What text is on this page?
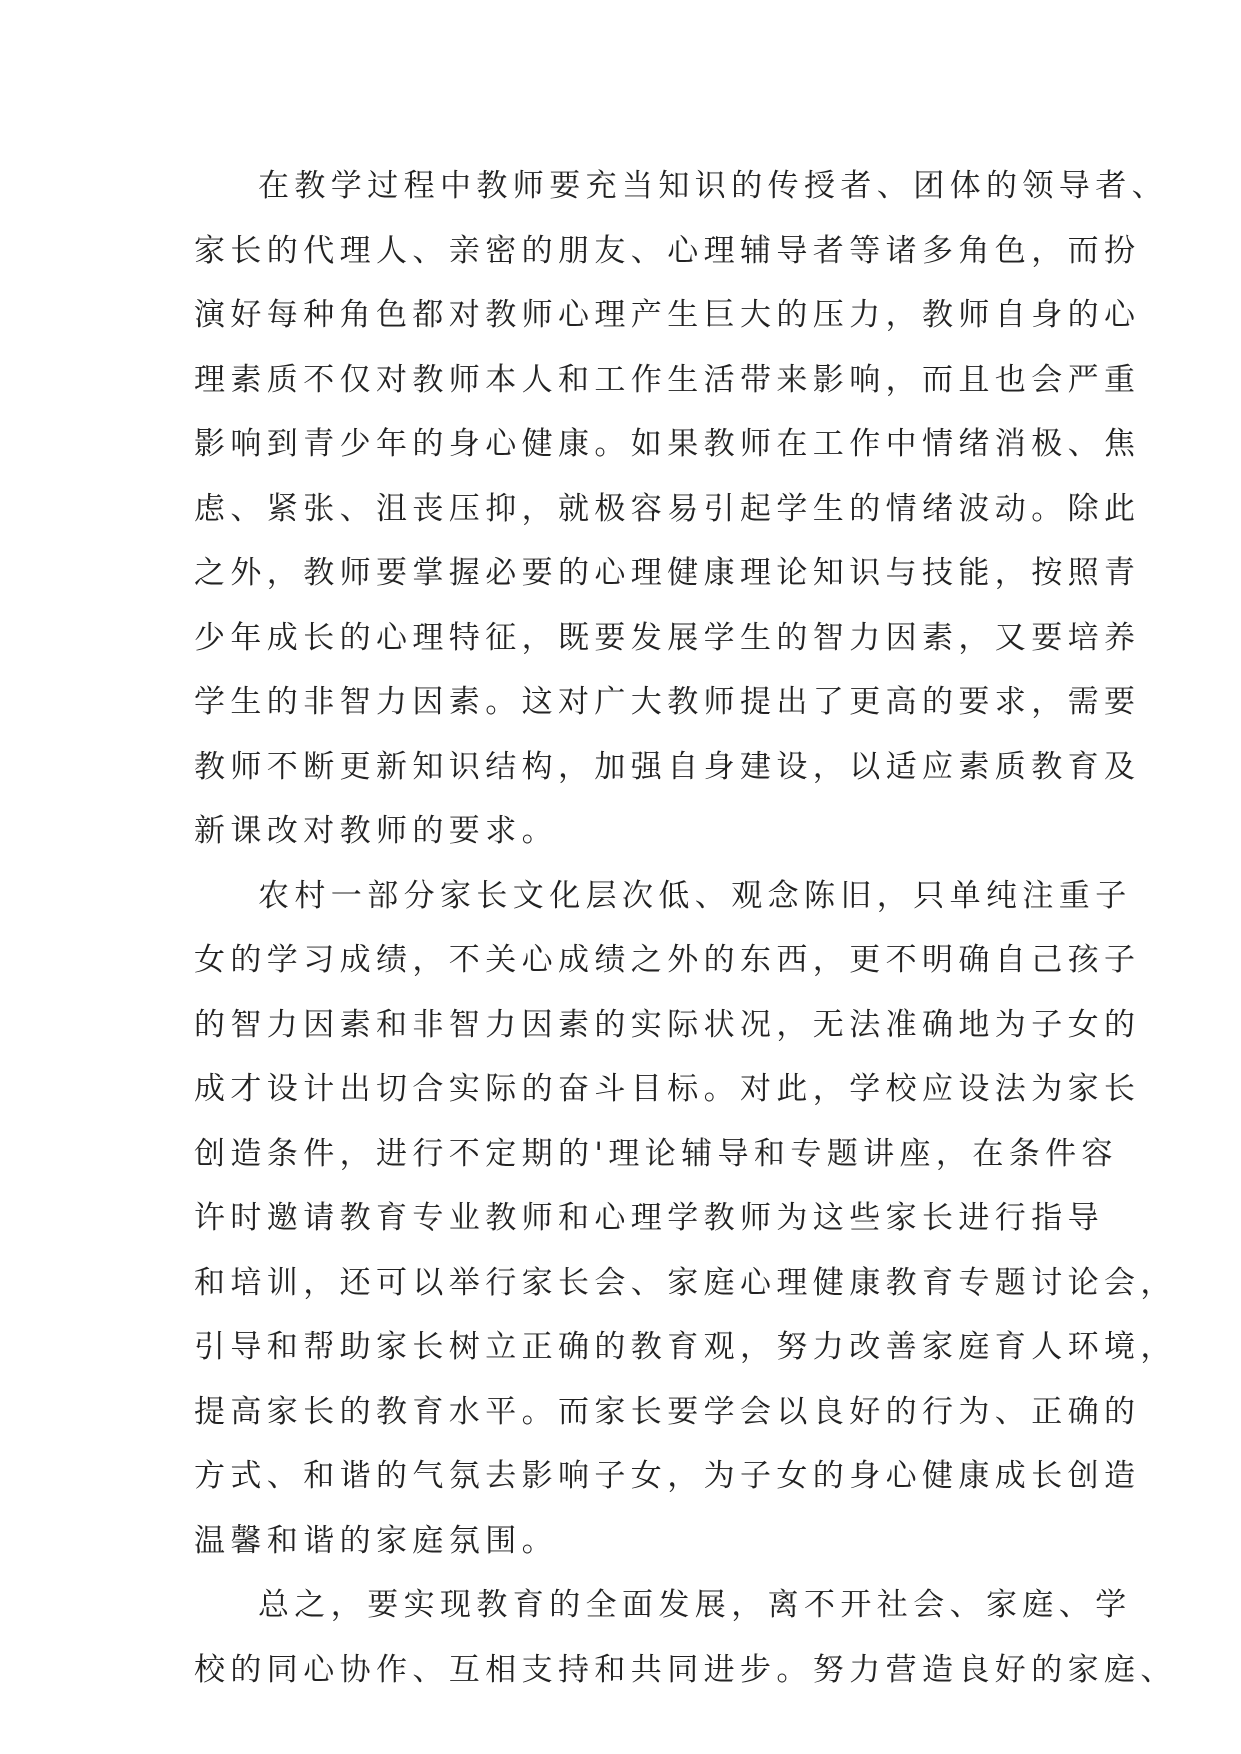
在教学过程中教师要充当知识的传授者、团体的领导者、
家长的代理人、亲密的朋友、心理辅导者等诸多角色，而扮
演好每种角色都对教师心理产生巨大的压力，教师自身的心
理素质不仅对教师本人和工作生活带来影响，而且也会严重
影响到青少年的身心健康。如果教师在工作中情绪消极、焦
虑、紧张、沮丧压抑，就极容易引起学生的情绪波动。除此
之外，教师要掌握必要的心理健康理论知识与技能，按照青
少年成长的心理特征，既要发展学生的智力因素，又要培养
学生的非智力因素。这对广大教师提出了更高的要求，需要
教师不断更新知识结构，加强自身建设，以适应素质教育及
新课改对教师的要求。
农村一部分家长文化层次低、观念陈旧，只单纯注重子
女的学习成绩，不关心成绩之外的东西，更不明确自己孩子
的智力因素和非智力因素的实际状况，无法准确地为子女的
成才设计出切合实际的奋斗目标。对此，学校应设法为家长
创造条件，进行不定期的'理论辅导和专题讲座，在条件容
许时邀请教育专业教师和心理学教师为这些家长进行指导
和培训，还可以举行家长会、家庭心理健康教育专题讨论会，
引导和帮助家长树立正确的教育观，努力改善家庭育人环境，
提高家长的教育水平。而家长要学会以良好的行为、正确的
方式、和谐的气氛去影响子女，为子女的身心健康成长创造
温馨和谐的家庭氛围。
总之，要实现教育的全面发展，离不开社会、家庭、学
校的同心协作、互相支持和共同进步。努力营造良好的家庭、
